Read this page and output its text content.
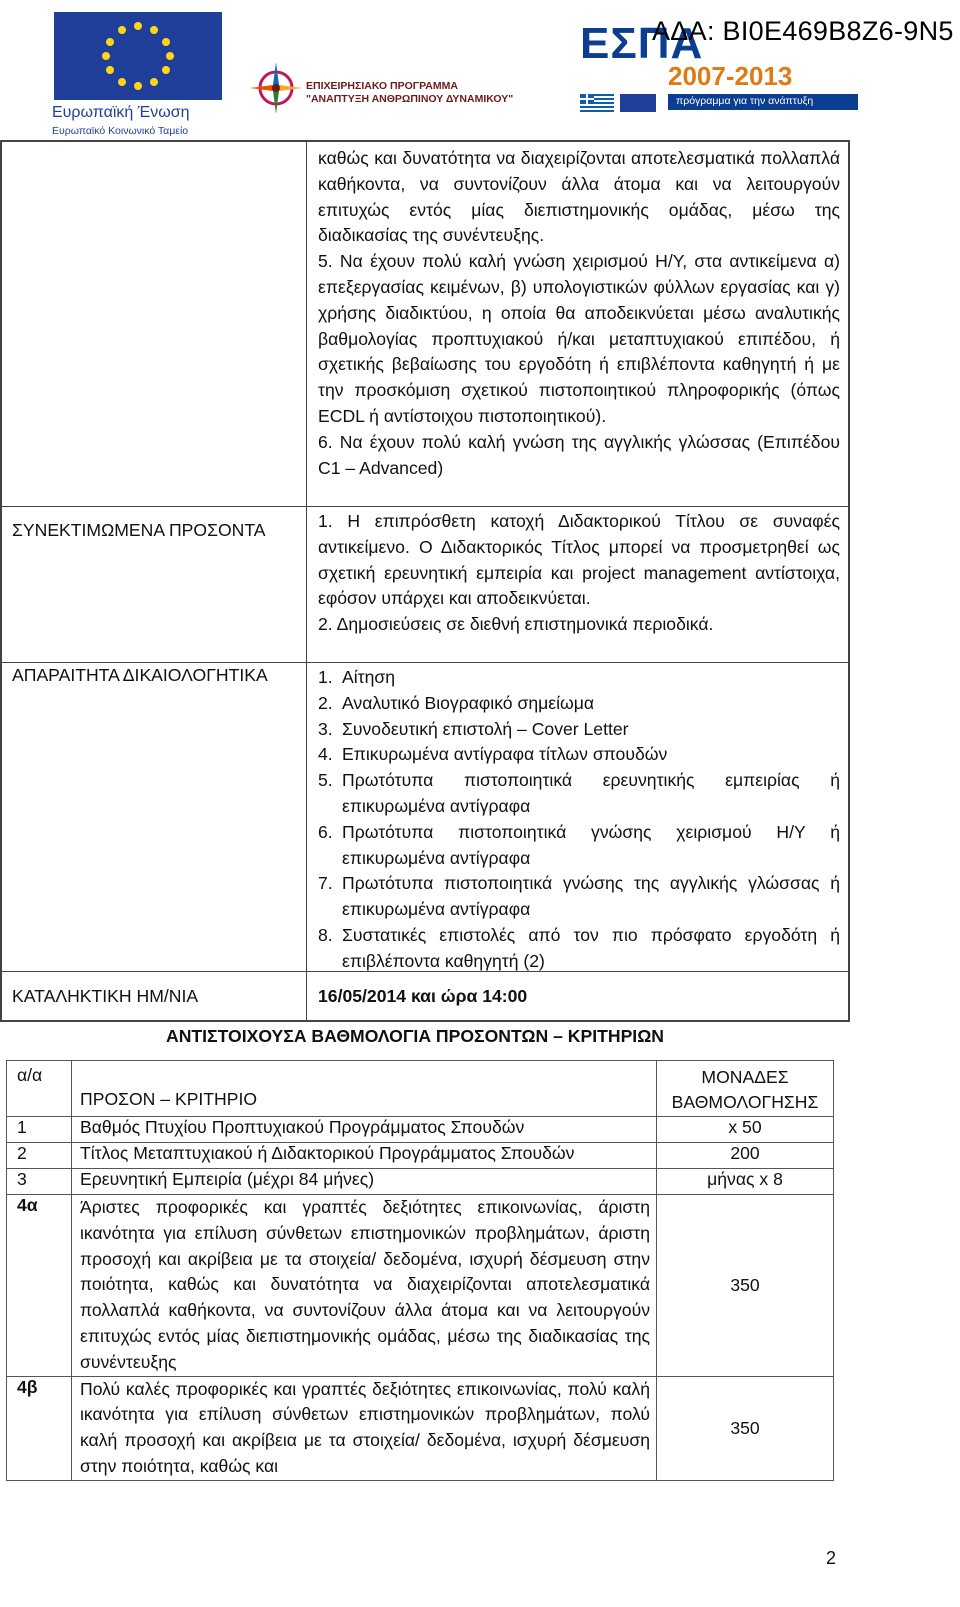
Ευρωπαϊκή Ένωση
Ευρωπαϊκό Κοινωνικό Ταμείο
ΕΠΙΧΕΙΡΗΣΙΑΚΟ ΠΡΟΓΡΑΜΜΑ
"ΑΝΑΠΤΥΞΗ ΑΝΘΡΩΠΙΝΟΥ ΔΥΝΑΜΙΚΟΥ"
ΕΣΠΑ
2007-2013
πρόγραμμα για την ανάπτυξη
ΑΔΑ: ΒΙ0Ε469Β8Ζ6-9Ν5

καθώς και δυνατότητα να διαχειρίζονται αποτελεσματικά πολλαπλά καθήκοντα, να συντονίζουν άλλα άτομα και να λειτουργούν επιτυχώς εντός μίας διεπιστημονικής ομάδας, μέσω της διαδικασίας της συνέντευξης.

5. Να έχουν πολύ καλή γνώση χειρισμού Η/Υ, στα αντικείμενα α) επεξεργασίας κειμένων, β) υπολογιστικών φύλλων εργασίας και γ) χρήσης διαδικτύου, η οποία θα αποδεικνύεται μέσω αναλυτικής βαθμολογίας προπτυχιακού ή/και μεταπτυχιακού επιπέδου, ή σχετικής βεβαίωσης του εργοδότη ή επιβλέποντα καθηγητή ή με την προσκόμιση σχετικού πιστοποιητικού πληροφορικής (όπως ECDL ή αντίστοιχου πιστοποιητικού).

6. Να έχουν πολύ καλή γνώση της αγγλικής γλώσσας (Επιπέδου C1 – Advanced)

ΣΥΝΕΚΤΙΜΩΜΕΝΑ ΠΡΟΣΟΝΤΑ	1. Η επιπρόσθετη κατοχή Διδακτορικού Τίτλου σε συναφές αντικείμενο. Ο Διδακτορικός Τίτλος μπορεί να προσμετρηθεί ως σχετική ερευνητική εμπειρία και project management αντίστοιχα, εφόσον υπάρχει και αποδεικνύεται.

2. Δημοσιεύσεις σε διεθνή επιστημονικά περιοδικά.

ΑΠΑΡΑΙΤΗΤΑ ΔΙΚΑΙΟΛΟΓΗΤΙΚΑ	1. Αίτηση
2. Αναλυτικό Βιογραφικό σημείωμα
3. Συνοδευτική επιστολή – Cover Letter
4. Επικυρωμένα αντίγραφα τίτλων σπουδών
5. Πρωτότυπα πιστοποιητικά ερευνητικής εμπειρίας ή επικυρωμένα αντίγραφα
6. Πρωτότυπα πιστοποιητικά γνώσης χειρισμού Η/Υ ή επικυρωμένα αντίγραφα
7. Πρωτότυπα πιστοποιητικά γνώσης της αγγλικής γλώσσας ή επικυρωμένα αντίγραφα
8. Συστατικές επιστολές από τον πιο πρόσφατο εργοδότη ή επιβλέποντα καθηγητή (2)
ΚΑΤΑΛΗΚΤΙΚΗ ΗΜ/ΝΙΑ	16/05/2014 και ώρα 14:00
ΑΝΤΙΣΤΟΙΧΟΥΣΑ ΒΑΘΜΟΛΟΓΙΑ ΠΡΟΣΟΝΤΩΝ – ΚΡΙΤΗΡΙΩΝ
α/α	ΠΡΟΣΟΝ – ΚΡΙΤΗΡΙΟ	ΜΟΝΑΔΕΣ
ΒΑΘΜΟΛΟΓΗΣΗΣ

1	Βαθμός Πτυχίου Προπτυχιακού Προγράμματος Σπουδών	x 50
2	Τίτλος Μεταπτυχιακού ή Διδακτορικού Προγράμματος Σπουδών	200
3	Ερευνητική Εμπειρία (μέχρι 84 μήνες)	μήνας x 8
4α	Άριστες προφορικές και γραπτές δεξιότητες επικοινωνίας, άριστη ικανότητα για επίλυση σύνθετων επιστημονικών προβλημάτων, άριστη προσοχή και ακρίβεια με τα στοιχεία/ δεδομένα, ισχυρή δέσμευση στην ποιότητα, καθώς και δυνατότητα να διαχειρίζονται αποτελεσματικά πολλαπλά καθήκοντα, να συντονίζουν άλλα άτομα και να λειτουργούν επιτυχώς εντός μίας διεπιστημονικής ομάδας, μέσω της διαδικασίας της συνέντευξης	350
4β	Πολύ καλές προφορικές και γραπτές δεξιότητες επικοινωνίας, πολύ καλή ικανότητα για επίλυση σύνθετων επιστημονικών προβλημάτων, πολύ καλή προσοχή και ακρίβεια με τα στοιχεία/ δεδομένα, ισχυρή δέσμευση στην ποιότητα, καθώς και	350
2
